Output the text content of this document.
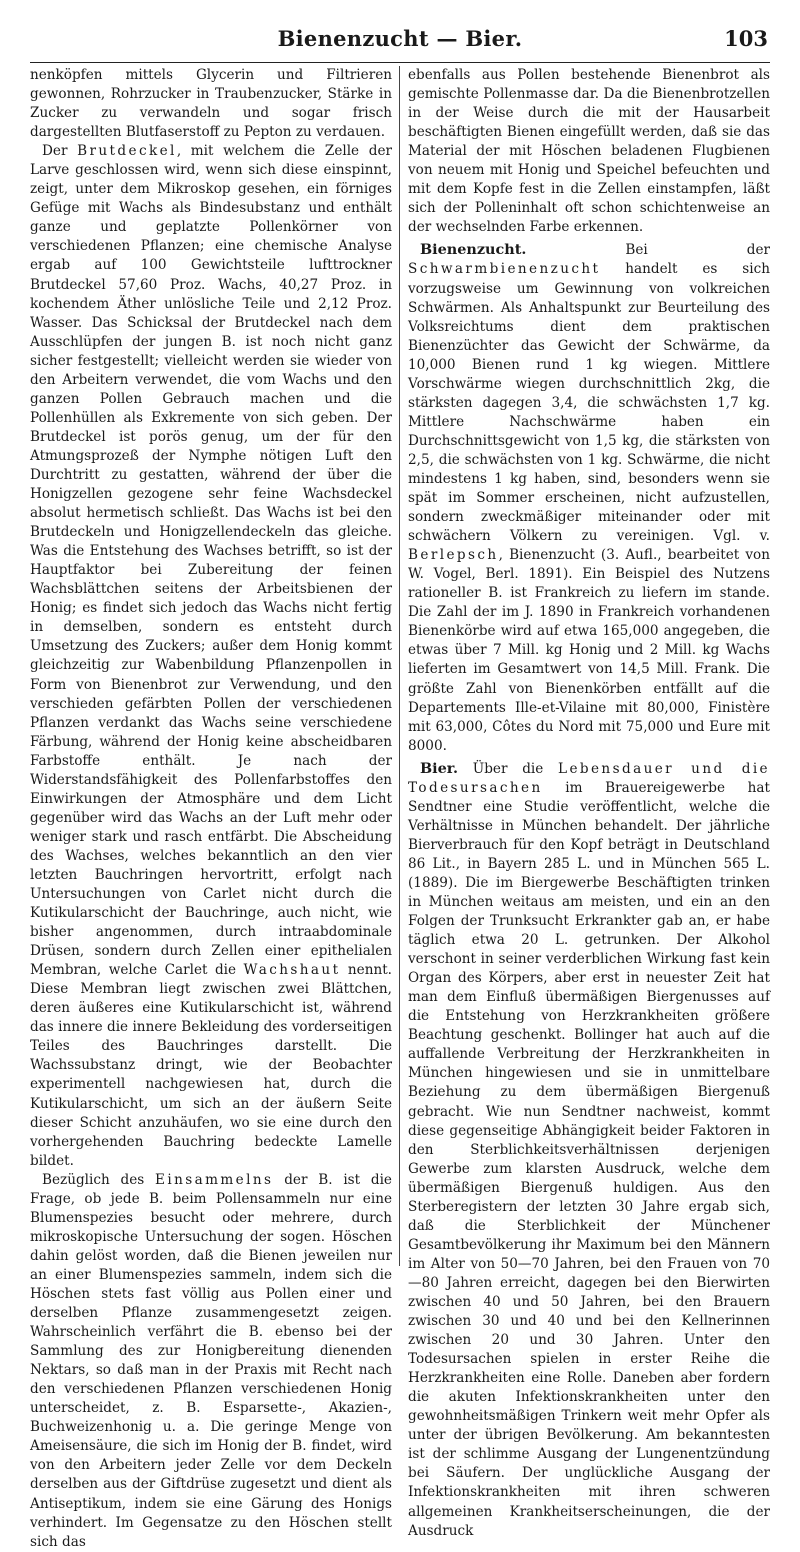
Bienenzucht — Bier.	103

nenköpfen mittels Glycerin und Filtrieren gewonnen, Rohrzucker in Traubenzucker, Stärke in Zucker zu verwandeln und sogar frisch dargestellten Blutfaserstoff zu Pepton zu verdauen.

Der Brutdeckel, mit welchem die Zelle der Larve geschlossen wird, wenn sich diese einspinnt, zeigt, unter dem Mikroskop gesehen, ein förniges Gefüge mit Wachs als Bindesubstanz und enthält ganze und geplatzte Pollenkörner von verschiedenen Pflanzen; eine chemische Analyse ergab auf 100 Gewichtsteile lufttrockner Brutdeckel 57,60 Proz. Wachs, 40,27 Proz. in kochendem Äther unlösliche Teile und 2,12 Proz. Wasser. Das Schicksal der Brutdeckel nach dem Ausschlüpfen der jungen B. ist noch nicht ganz sicher festgestellt; vielleicht werden sie wieder von den Arbeitern verwendet, die vom Wachs und den ganzen Pollen Gebrauch machen und die Pollenhüllen als Exkremente von sich geben. Der Brutdeckel ist porös genug, um der für den Atmungsprozeß der Nymphe nötigen Luft den Durchtritt zu gestatten, während der über die Honigzellen gezogene sehr feine Wachsdeckel absolut hermetisch schließt. Das Wachs ist bei den Brutdeckeln und Honigzellendeckeln das gleiche. Was die Entstehung des Wachses betrifft, so ist der Hauptfaktor bei Zubereitung der feinen Wachsblättchen seitens der Arbeitsbienen der Honig; es findet sich jedoch das Wachs nicht fertig in demselben, sondern es entsteht durch Umsetzung des Zuckers; außer dem Honig kommt gleichzeitig zur Wabenbildung Pflanzenpollen in Form von Bienenbrot zur Verwendung, und den verschieden gefärbten Pollen der verschiedenen Pflanzen verdankt das Wachs seine verschiedene Färbung, während der Honig keine abscheidbaren Farbstoffe enthält. Je nach der Widerstandsfähigkeit des Pollenfarbstoffes den Einwirkungen der Atmosphäre und dem Licht gegenüber wird das Wachs an der Luft mehr oder weniger stark und rasch entfärbt. Die Abscheidung des Wachses, welches bekanntlich an den vier letzten Bauchringen hervortritt, erfolgt nach Untersuchungen von Carlet nicht durch die Kutikularschicht der Bauchringe, auch nicht, wie bisher angenommen, durch intraabdominale Drüsen, sondern durch Zellen einer epithelialen Membran, welche Carlet die Wachshaut nennt. Diese Membran liegt zwischen zwei Blättchen, deren äußeres eine Kutikularschicht ist, während das innere die innere Bekleidung des vorderseitigen Teiles des Bauchringes darstellt. Die Wachssubstanz dringt, wie der Beobachter experimentell nachgewiesen hat, durch die Kutikularschicht, um sich an der äußern Seite dieser Schicht anzuhäufen, wo sie eine durch den vorhergehenden Bauchring bedeckte Lamelle bildet.

Bezüglich des Einsammelns der B. ist die Frage, ob jede B. beim Pollensammeln nur eine Blumenspezies besucht oder mehrere, durch mikroskopische Untersuchung der sogen. Höschen dahin gelöst worden, daß die Bienen jeweilen nur an einer Blumenspezies sammeln, indem sich die Höschen stets fast völlig aus Pollen einer und derselben Pflanze zusammengesetzt zeigen. Wahrscheinlich verfährt die B. ebenso bei der Sammlung des zur Honigbereitung dienenden Nektars, so daß man in der Praxis mit Recht nach den verschiedenen Pflanzen verschiedenen Honig unterscheidet, z. B. Esparsette-, Akazien-, Buchweizenhonig u. a. Die geringe Menge von Ameisensäure, die sich im Honig der B. findet, wird von den Arbeitern jeder Zelle vor dem Deckeln derselben aus der Giftdrüse zugesetzt und dient als Antiseptikum, indem sie eine Gärung des Honigs verhindert. Im Gegensatze zu den Höschen stellt sich das

ebenfalls aus Pollen bestehende Bienenbrot als gemischte Pollenmasse dar. Da die Bienenbrotzellen in der Weise durch die mit der Hausarbeit beschäftigten Bienen eingefüllt werden, daß sie das Material der mit Höschen beladenen Flugbienen von neuem mit Honig und Speichel befeuchten und mit dem Kopfe fest in die Zellen einstampfen, läßt sich der Polleninhalt oft schon schichtenweise an der wechselnden Farbe erkennen.

Bienenzucht. Bei der Schwarmbienenzucht handelt es sich vorzugsweise um Gewinnung von volkreichen Schwärmen. Als Anhaltspunkt zur Beurteilung des Volksreichtums dient dem praktischen Bienenzüchter das Gewicht der Schwärme, da 10,000 Bienen rund 1 kg wiegen. Mittlere Vorschwärme wiegen durchschnittlich 2kg, die stärksten dagegen 3,4, die schwächsten 1,7 kg. Mittlere Nachschwärme haben ein Durchschnittsgewicht von 1,5 kg, die stärksten von 2,5, die schwächsten von 1 kg. Schwärme, die nicht mindestens 1 kg haben, sind, besonders wenn sie spät im Sommer erscheinen, nicht aufzustellen, sondern zweckmäßiger miteinander oder mit schwächern Völkern zu vereinigen. Vgl. v. Berlepsch, Bienenzucht (3. Aufl., bearbeitet von W. Vogel, Berl. 1891). Ein Beispiel des Nutzens rationeller B. ist Frankreich zu liefern im stande. Die Zahl der im J. 1890 in Frankreich vorhandenen Bienenkörbe wird auf etwa 165,000 angegeben, die etwas über 7 Mill. kg Honig und 2 Mill. kg Wachs lieferten im Gesamtwert von 14,5 Mill. Frank. Die größte Zahl von Bienenkörben entfällt auf die Departements Ille-et-Vilaine mit 80,000, Finistère mit 63,000, Côtes du Nord mit 75,000 und Eure mit 8000.

Bier. Über die Lebensdauer und die Todesursachen im Brauereigewerbe hat Sendtner eine Studie veröffentlicht, welche die Verhältnisse in München behandelt. Der jährliche Bierverbrauch für den Kopf beträgt in Deutschland 86 Lit., in Bayern 285 L. und in München 565 L. (1889). Die im Biergewerbe Beschäftigten trinken in München weitaus am meisten, und ein an den Folgen der Trunksucht Erkrankter gab an, er habe täglich etwa 20 L. getrunken. Der Alkohol verschont in seiner verderblichen Wirkung fast kein Organ des Körpers, aber erst in neuester Zeit hat man dem Einfluß übermäßigen Biergenusses auf die Entstehung von Herzkrankheiten größere Beachtung geschenkt. Bollinger hat auch auf die auffallende Verbreitung der Herzkrankheiten in München hingewiesen und sie in unmittelbare Beziehung zu dem übermäßigen Biergenuß gebracht. Wie nun Sendtner nachweist, kommt diese gegenseitige Abhängigkeit beider Faktoren in den Sterblichkeitsverhältnissen derjenigen Gewerbe zum klarsten Ausdruck, welche dem übermäßigen Biergenuß huldigen. Aus den Sterberegistern der letzten 30 Jahre ergab sich, daß die Sterblichkeit der Münchener Gesamtbevölkerung ihr Maximum bei den Männern im Alter von 50—70 Jahren, bei den Frauen von 70—80 Jahren erreicht, dagegen bei den Bierwirten zwischen 40 und 50 Jahren, bei den Brauern zwischen 30 und 40 und bei den Kellnerinnen zwischen 20 und 30 Jahren. Unter den Todesursachen spielen in erster Reihe die Herzkrankheiten eine Rolle. Daneben aber fordern die akuten Infektionskrankheiten unter den gewohnheitsmäßigen Trinkern weit mehr Opfer als unter der übrigen Bevölkerung. Am bekanntesten ist der schlimme Ausgang der Lungenentzündung bei Säufern. Der unglückliche Ausgang der Infektionskrankheiten mit ihren schweren allgemeinen Krankheitserscheinungen, die der Ausdruck
